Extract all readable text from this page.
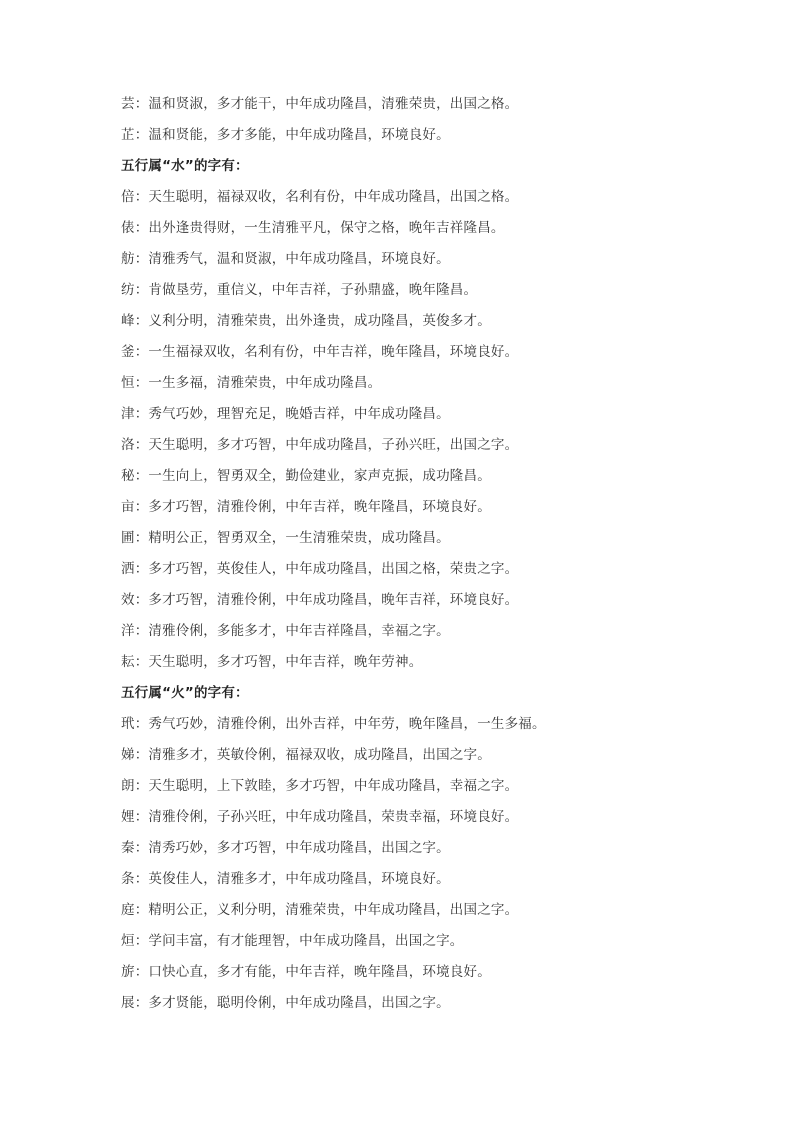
芸：温和贤淑，多才能干，中年成功隆昌，清雅荣贵，出国之格。
芷：温和贤能，多才多能，中年成功隆昌，环境良好。
五行属“水”的字有：
倍：天生聪明，福禄双收，名利有份，中年成功隆昌，出国之格。
俵：出外逢贵得财，一生清雅平凡，保守之格，晚年吉祥隆昌。
舫：清雅秀气，温和贤淑，中年成功隆昌，环境良好。
纺：肯做垦劳，重信义，中年吉祥，子孙鼎盛，晚年隆昌。
峰：义利分明，清雅荣贵，出外逢贵，成功隆昌，英俊多才。
釜：一生福禄双收，名利有份，中年吉祥，晚年隆昌，环境良好。
恒：一生多福，清雅荣贵，中年成功隆昌。
津：秀气巧妙，理智充足，晚婚吉祥，中年成功隆昌。
洛：天生聪明，多才巧智，中年成功隆昌，子孙兴旺，出国之字。
秘：一生向上，智勇双全，勤俭建业，家声克振，成功隆昌。
亩：多才巧智，清雅伶俐，中年吉祥，晚年隆昌，环境良好。
圃：精明公正，智勇双全，一生清雅荣贵，成功隆昌。
洒：多才巧智，英俊佳人，中年成功隆昌，出国之格，荣贵之字。
效：多才巧智，清雅伶俐，中年成功隆昌，晚年吉祥，环境良好。
洋：清雅伶俐，多能多才，中年吉祥隆昌，幸福之字。
耘：天生聪明，多才巧智，中年吉祥，晚年劳神。
五行属“火”的字有：
玳：秀气巧妙，清雅伶俐，出外吉祥，中年劳，晚年隆昌，一生多福。
娣：清雅多才，英敏伶俐，福禄双收，成功隆昌，出国之字。
朗：天生聪明，上下敦睦，多才巧智，中年成功隆昌，幸福之字。
娌：清雅伶俐，子孙兴旺，中年成功隆昌，荣贵幸福，环境良好。
秦：清秀巧妙，多才巧智，中年成功隆昌，出国之字。
条：英俊佳人，清雅多才，中年成功隆昌，环境良好。
庭：精明公正，义利分明，清雅荣贵，中年成功隆昌，出国之字。
烜：学问丰富，有才能理智，中年成功隆昌，出国之字。
旂：口快心直，多才有能，中年吉祥，晚年隆昌，环境良好。
展：多才贤能，聪明伶俐，中年成功隆昌，出国之字。
